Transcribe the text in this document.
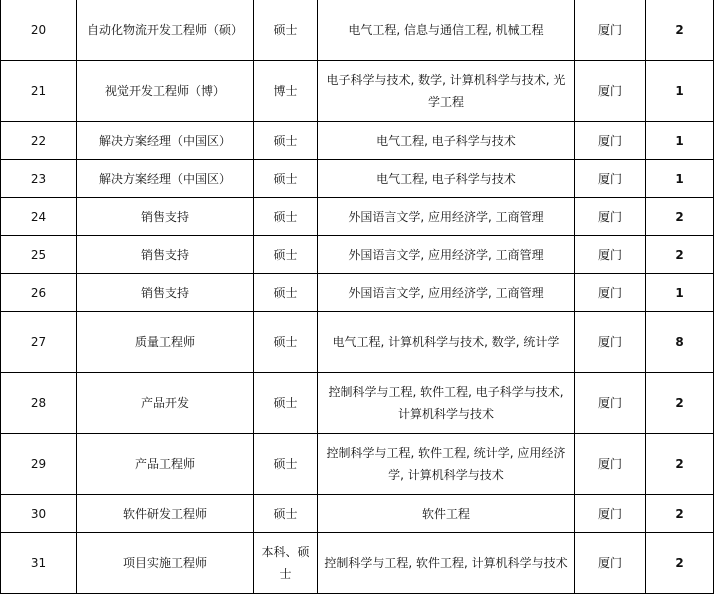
20	自动化物流开发工程师（硕）	硕士	电气工程, 信息与通信工程, 机械工程	厦门	2
21	视觉开发工程师（博）	博士	电子科学与技术, 数学, 计算机科学与技术, 光学工程	厦门	1
22	解决方案经理（中国区）	硕士	电气工程, 电子科学与技术	厦门	1
23	解决方案经理（中国区）	硕士	电气工程, 电子科学与技术	厦门	1
24	销售支持	硕士	外国语言文学, 应用经济学, 工商管理	厦门	2
25	销售支持	硕士	外国语言文学, 应用经济学, 工商管理	厦门	2
26	销售支持	硕士	外国语言文学, 应用经济学, 工商管理	厦门	1
27	质量工程师	硕士	电气工程, 计算机科学与技术, 数学, 统计学	厦门	8
28	产品开发	硕士	控制科学与工程, 软件工程, 电子科学与技术, 计算机科学与技术	厦门	2
29	产品工程师	硕士	控制科学与工程, 软件工程, 统计学, 应用经济学, 计算机科学与技术	厦门	2
30	软件研发工程师	硕士	软件工程	厦门	2
31	项目实施工程师	本科、硕士	控制科学与工程, 软件工程, 计算机科学与技术	厦门	2
